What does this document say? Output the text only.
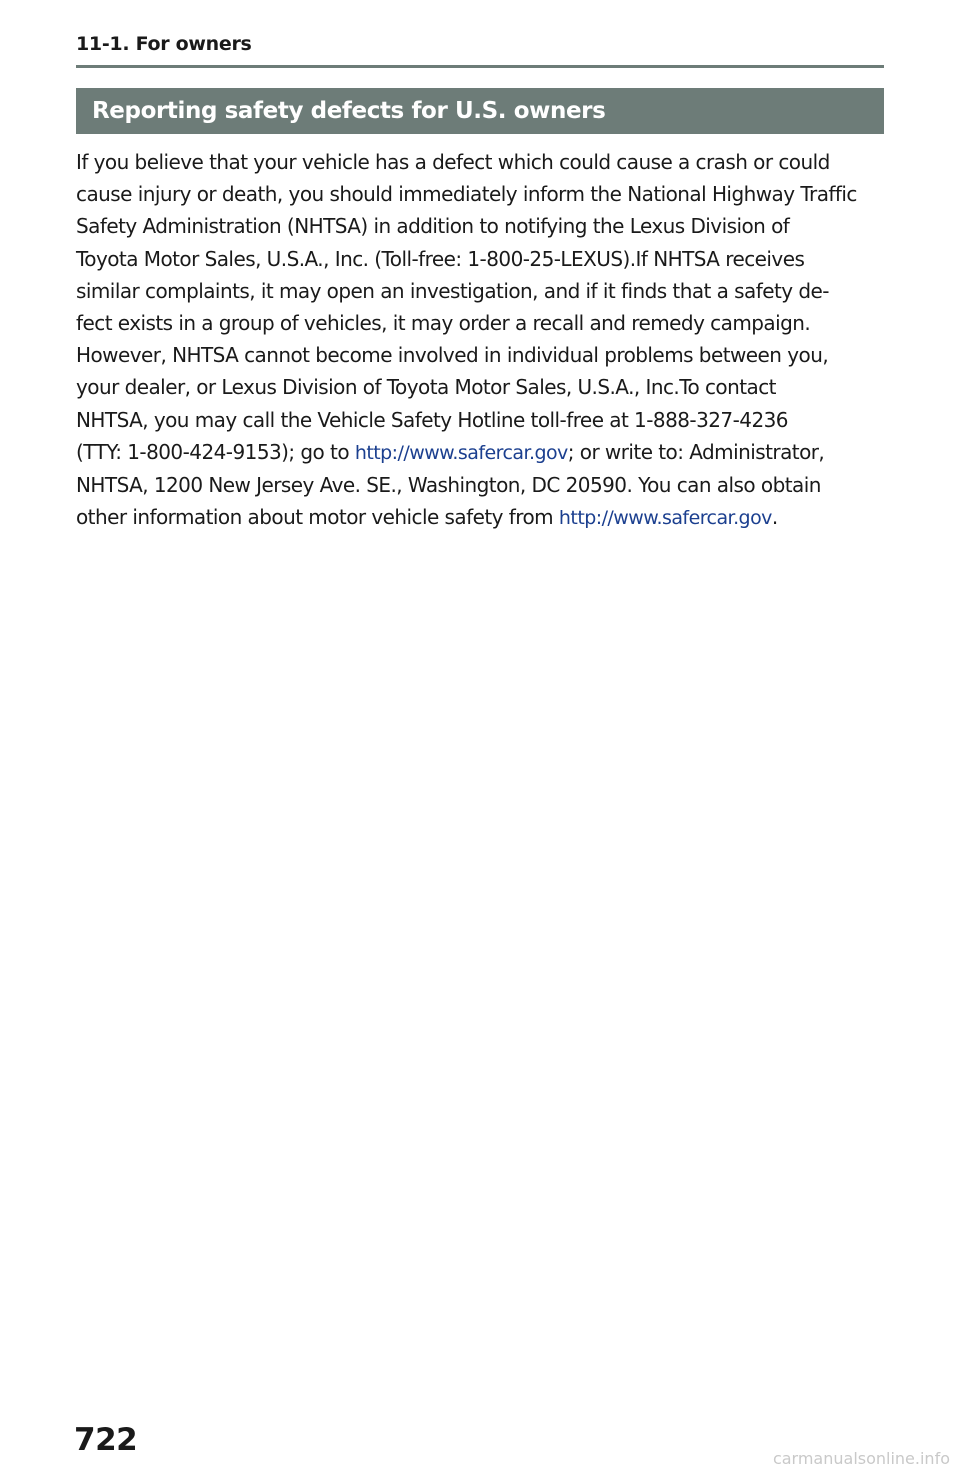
11-1. For owners
Reporting safety defects for U.S. owners

If you believe that your vehicle has a defect which could cause a crash or could
cause injury or death, you should immediately inform the National Highway Traffic
Safety Administration (NHTSA) in addition to notifying the Lexus Division of
Toyota Motor Sales, U.S.A., Inc. (Toll-free: 1-800-25-LEXUS).If NHTSA receives
similar complaints, it may open an investigation, and if it finds that a safety de-
fect exists in a group of vehicles, it may order a recall and remedy campaign.
However, NHTSA cannot become involved in individual problems between you,
your dealer, or Lexus Division of Toyota Motor Sales, U.S.A., Inc.To contact
NHTSA, you may call the Vehicle Safety Hotline toll-free at 1-888-327-4236
(TTY: 1-800-424-9153); go to http://www.safercar.gov; or write to: Administrator,
NHTSA, 1200 New Jersey Ave. SE., Washington, DC 20590. You can also obtain
other information about motor vehicle safety from http://www.safercar.gov.

722
carmanualsonline.info
